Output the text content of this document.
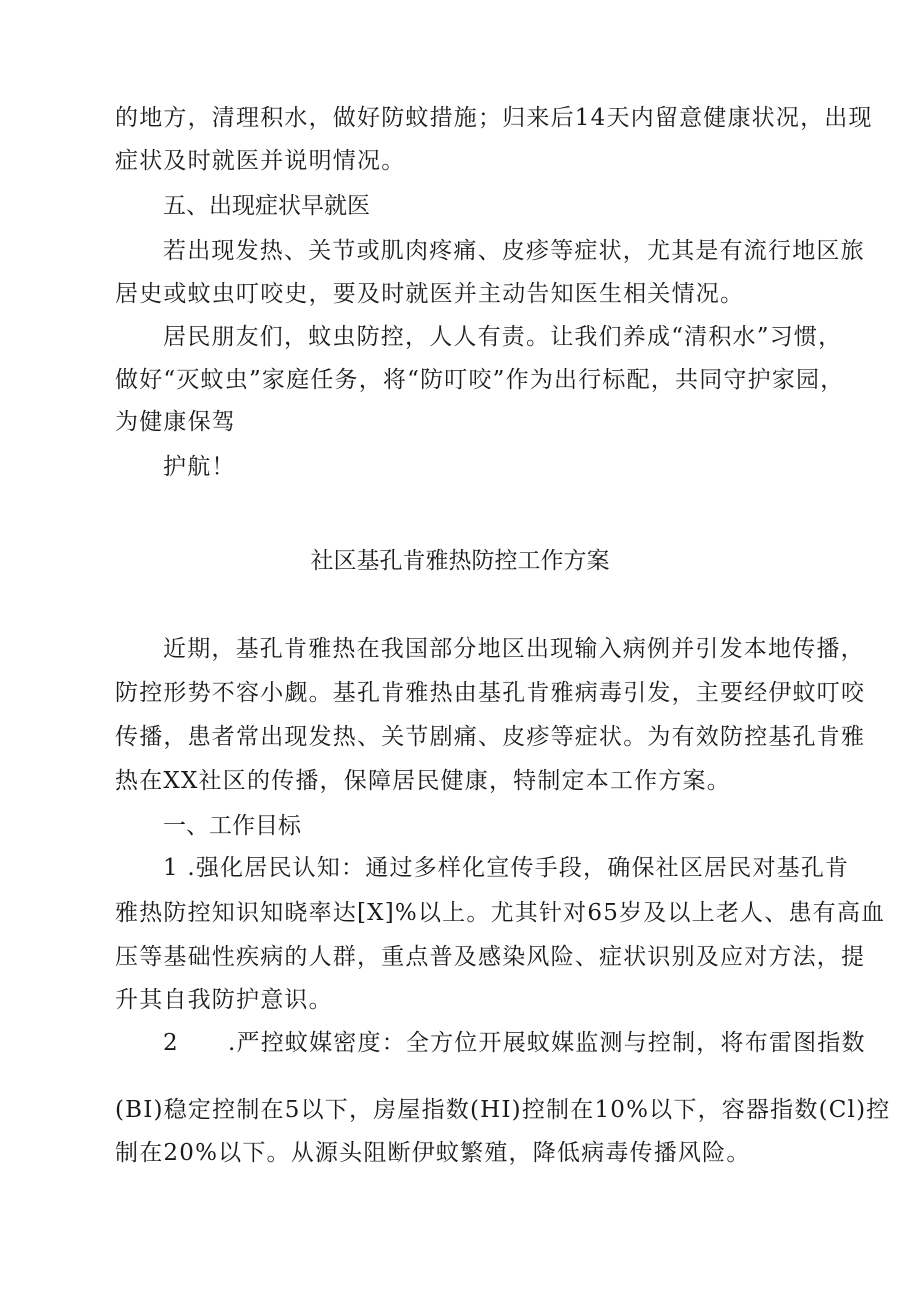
的地方，清理积水，做好防蚊措施；归来后14天内留意健康状况，出现
症状及时就医并说明情况。
五、出现症状早就医
若出现发热、关节或肌肉疼痛、皮疹等症状，尤其是有流行地区旅
居史或蚊虫叮咬史，要及时就医并主动告知医生相关情况。
居民朋友们，蚊虫防控，人人有责。让我们养成“清积水”习惯，
做好“灭蚊虫”家庭任务，将“防叮咬”作为出行标配，共同守护家园，
为健康保驾
护航！
社区基孔肯雅热防控工作方案
近期，基孔肯雅热在我国部分地区出现输入病例并引发本地传播，
防控形势不容小觑。基孔肯雅热由基孔肯雅病毒引发，主要经伊蚊叮咬
传播，患者常出现发热、关节剧痛、皮疹等症状。为有效防控基孔肯雅
热在XX社区的传播，保障居民健康，特制定本工作方案。
一、工作目标
1 .强化居民认知：通过多样化宣传手段，确保社区居民对基孔肯
雅热防控知识知晓率达[X]%以上。尤其针对65岁及以上老人、患有高血
压等基础性疾病的人群，重点普及感染风险、症状识别及应对方法，提
升其自我防护意识。
2 .严控蚊媒密度：全方位开展蚊媒监测与控制，将布雷图指数
(BI)稳定控制在5以下，房屋指数(HI)控制在10%以下，容器指数(Cl)控
制在20%以下。从源头阻断伊蚊繁殖，降低病毒传播风险。
